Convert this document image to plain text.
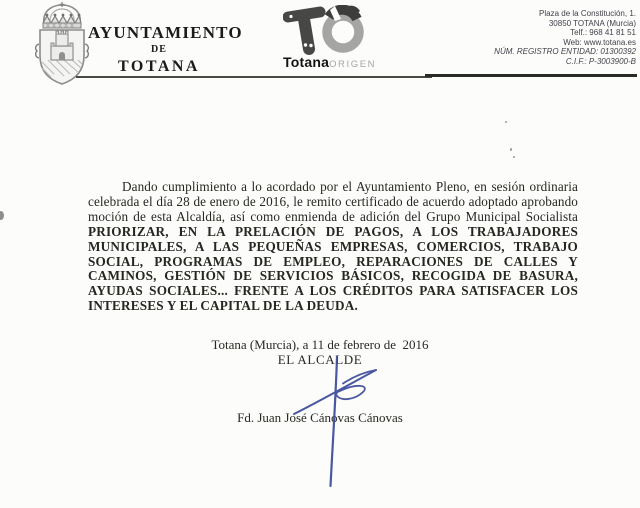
AYUNTAMIENTO
DE
TOTANA	TotanaORIGEN
Plaza de la Constitución, 1.
30850 TOTANA (Murcia)
Telf.: 968 41 81 51
Web: www.totana.es
NÚM. REGISTRO ENTIDAD: 01300392
C.I.F.: P-3003900-B
Dando cumplimiento a lo acordado por el Ayuntamiento Pleno, en sesión ordinaria celebrada el día 28 de enero de 2016, le remito certificado de acuerdo adoptado aprobando moción de esta Alcaldía, así como enmienda de adición del Grupo Municipal Socialista PRIORIZAR, EN LA PRELACIÓN DE PAGOS, A LOS TRABAJADORES MUNICIPALES, A LAS PEQUEÑAS EMPRESAS, COMERCIOS, TRABAJO SOCIAL, PROGRAMAS DE EMPLEO, REPARACIONES DE CALLES Y CAMINOS, GESTIÓN DE SERVICIOS BÁSICOS, RECOGIDA DE BASURA, AYUDAS SOCIALES... FRENTE A LOS CRÉDITOS PARA SATISFACER LOS INTERESES Y EL CAPITAL DE LA DEUDA.
Totana (Murcia), a 11 de febrero de  2016
EL ALCALDE
Fd. Juan José Cánovas Cánovas
